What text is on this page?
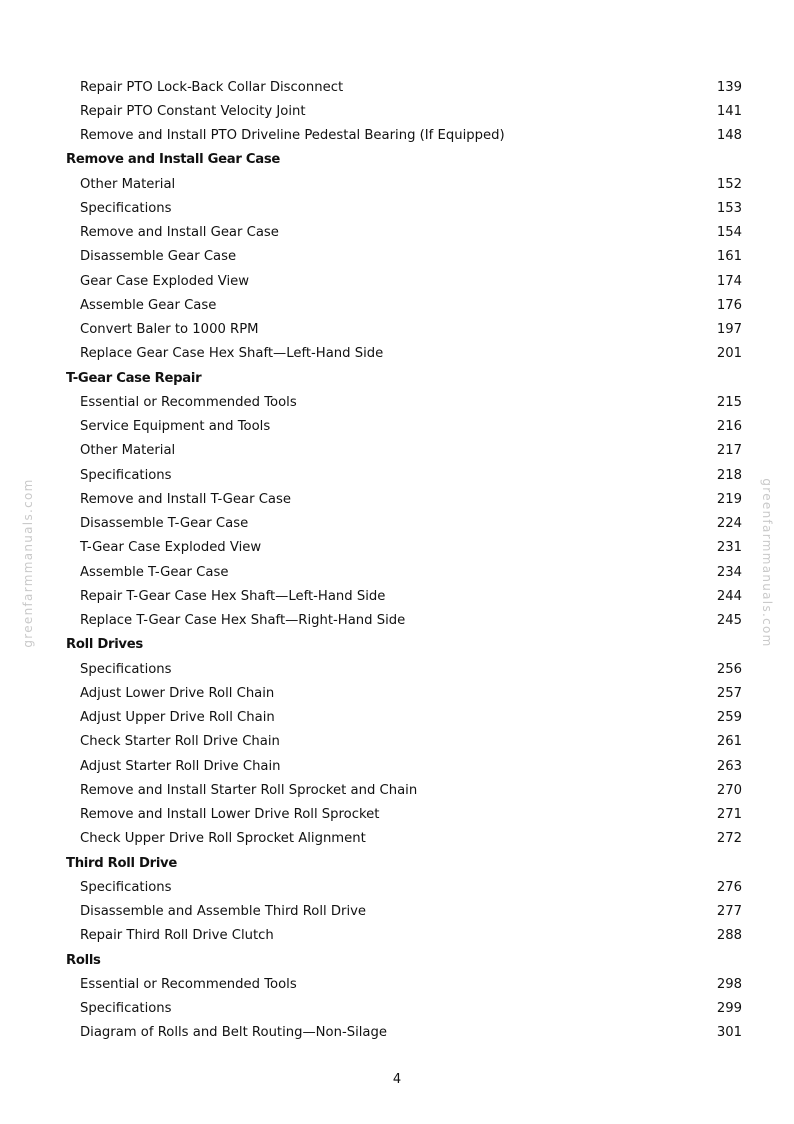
Repair PTO Lock-Back Collar Disconnect	139
Repair PTO Constant Velocity Joint	141
Remove and Install PTO Driveline Pedestal Bearing (If Equipped)	148
Remove and Install Gear Case
Other Material	152
Specifications	153
Remove and Install Gear Case	154
Disassemble Gear Case	161
Gear Case Exploded View	174
Assemble Gear Case	176
Convert Baler to 1000 RPM	197
Replace Gear Case Hex Shaft—Left-Hand Side	201
T-Gear Case Repair
Essential or Recommended Tools	215
Service Equipment and Tools	216
Other Material	217
Specifications	218
Remove and Install T-Gear Case	219
Disassemble T-Gear Case	224
T-Gear Case Exploded View	231
Assemble T-Gear Case	234
Repair T-Gear Case Hex Shaft—Left-Hand Side	244
Replace T-Gear Case Hex Shaft—Right-Hand Side	245
Roll Drives
Specifications	256
Adjust Lower Drive Roll Chain	257
Adjust Upper Drive Roll Chain	259
Check Starter Roll Drive Chain	261
Adjust Starter Roll Drive Chain	263
Remove and Install Starter Roll Sprocket and Chain	270
Remove and Install Lower Drive Roll Sprocket	271
Check Upper Drive Roll Sprocket Alignment	272
Third Roll Drive
Specifications	276
Disassemble and Assemble Third Roll Drive	277
Repair Third Roll Drive Clutch	288
Rolls
Essential or Recommended Tools	298
Specifications	299
Diagram of Rolls and Belt Routing—Non-Silage	301
4
greenfarmmanuals.com	greenfarmmanuals.com
